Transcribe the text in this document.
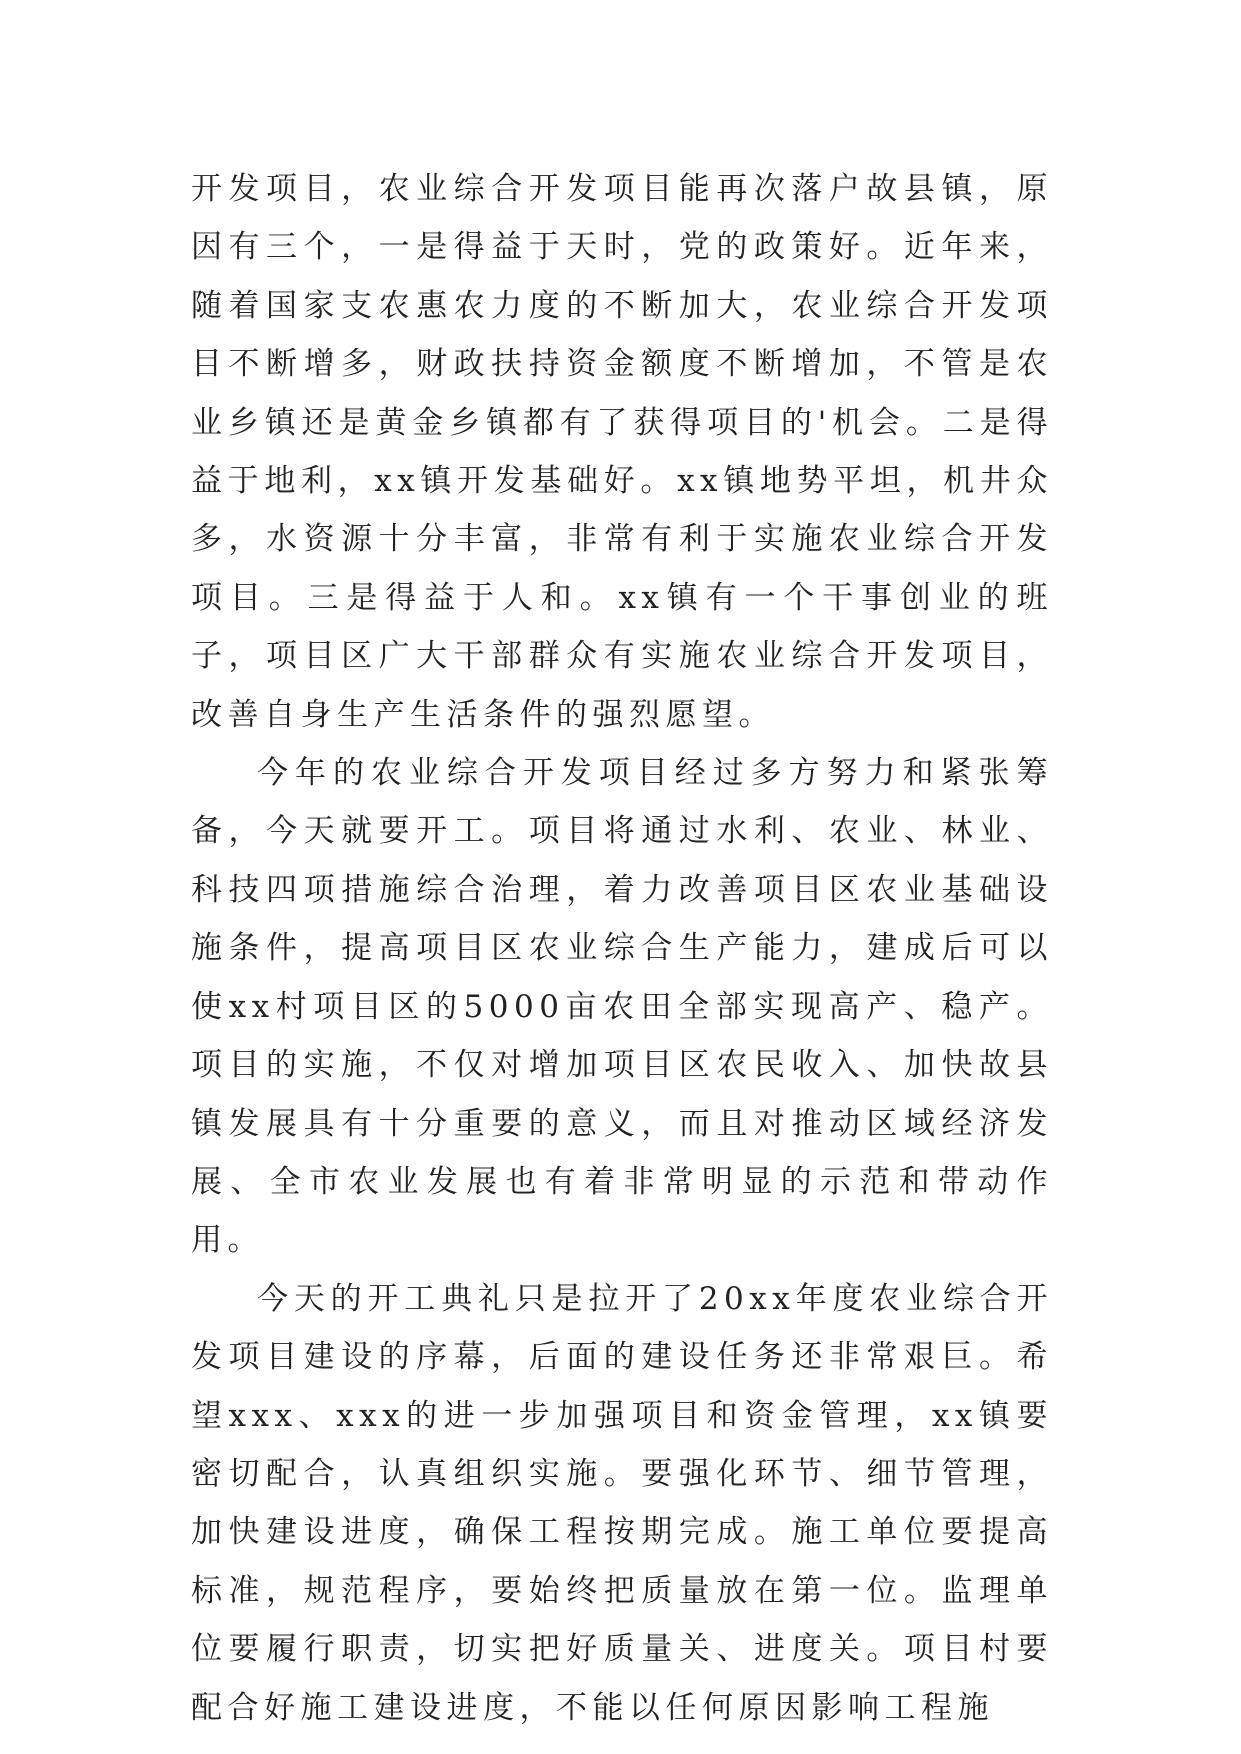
开发项目，农业综合开发项目能再次落户故县镇，原因有三个，一是得益于天时，党的政策好。近年来，随着国家支农惠农力度的不断加大，农业综合开发项目不断增多，财政扶持资金额度不断增加，不管是农业乡镇还是黄金乡镇都有了获得项目的'机会。二是得益于地利，xx镇开发基础好。xx镇地势平坦，机井众多，水资源十分丰富，非常有利于实施农业综合开发项目。三是得益于人和。xx镇有一个干事创业的班子，项目区广大干部群众有实施农业综合开发项目，改善自身生产生活条件的强烈愿望。

今年的农业综合开发项目经过多方努力和紧张筹备，今天就要开工。项目将通过水利、农业、林业、科技四项措施综合治理，着力改善项目区农业基础设施条件，提高项目区农业综合生产能力，建成后可以使xx村项目区的5000亩农田全部实现高产、稳产。项目的实施，不仅对增加项目区农民收入、加快故县镇发展具有十分重要的意义，而且对推动区域经济发展、全市农业发展也有着非常明显的示范和带动作用。

今天的开工典礼只是拉开了20xx年度农业综合开发项目建设的序幕，后面的建设任务还非常艰巨。希望xxx、xxx的进一步加强项目和资金管理，xx镇要密切配合，认真组织实施。要强化环节、细节管理，加快建设进度，确保工程按期完成。施工单位要提高标准，规范程序，要始终把质量放在第一位。监理单位要履行职责，切实把好质量关、进度关。项目村要配合好施工建设进度，不能以任何原因影响工程施
